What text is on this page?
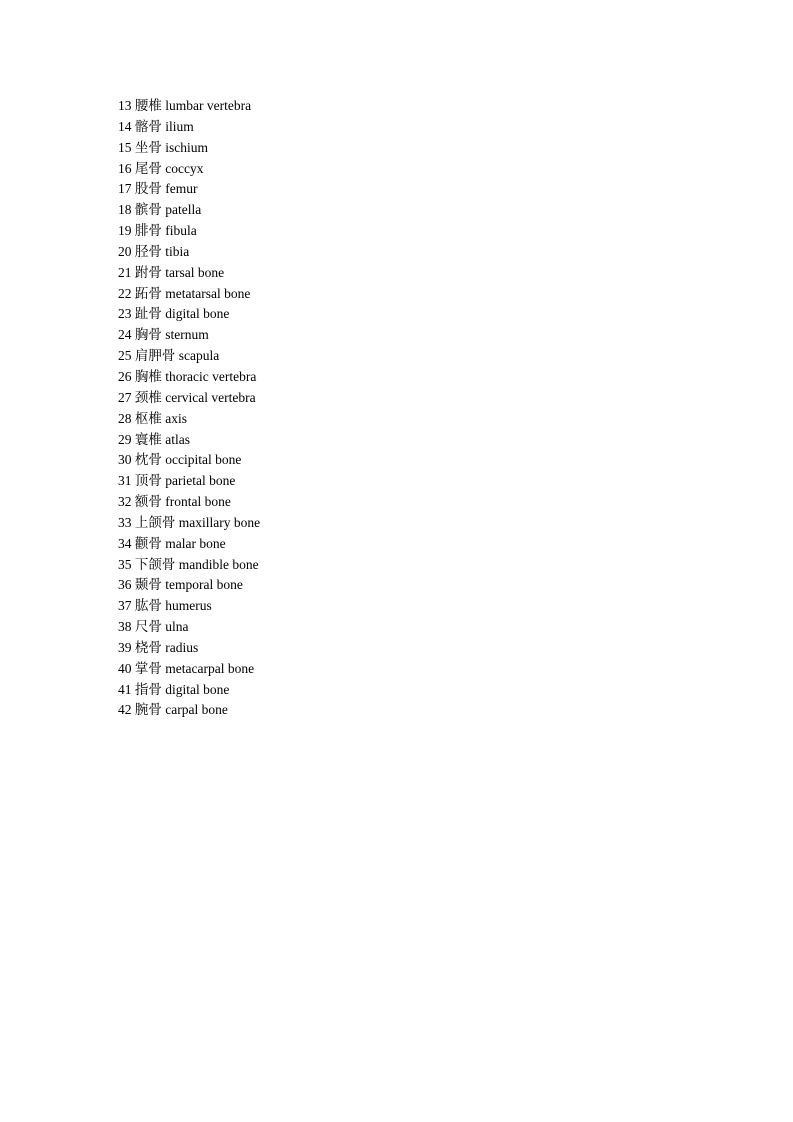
13 腰椎 lumbar vertebra
14 髂骨 ilium
15 坐骨 ischium
16 尾骨 coccyx
17 股骨 femur
18 髌骨 patella
19 腓骨 fibula
20 胫骨 tibia
21 跗骨 tarsal bone
22 跖骨 metatarsal bone
23 趾骨 digital bone
24 胸骨 sternum
25 肩胛骨 scapula
26 胸椎 thoracic vertebra
27 颈椎 cervical vertebra
28 枢椎 axis
29 寰椎 atlas
30 枕骨 occipital bone
31 顶骨 parietal bone
32 额骨 frontal bone
33 上颌骨 maxillary bone
34 颧骨 malar bone
35 下颌骨 mandible bone
36 颞骨 temporal bone
37 肱骨 humerus
38 尺骨 ulna
39 桡骨 radius
40 掌骨 metacarpal bone
41 指骨 digital bone
42 腕骨 carpal bone
